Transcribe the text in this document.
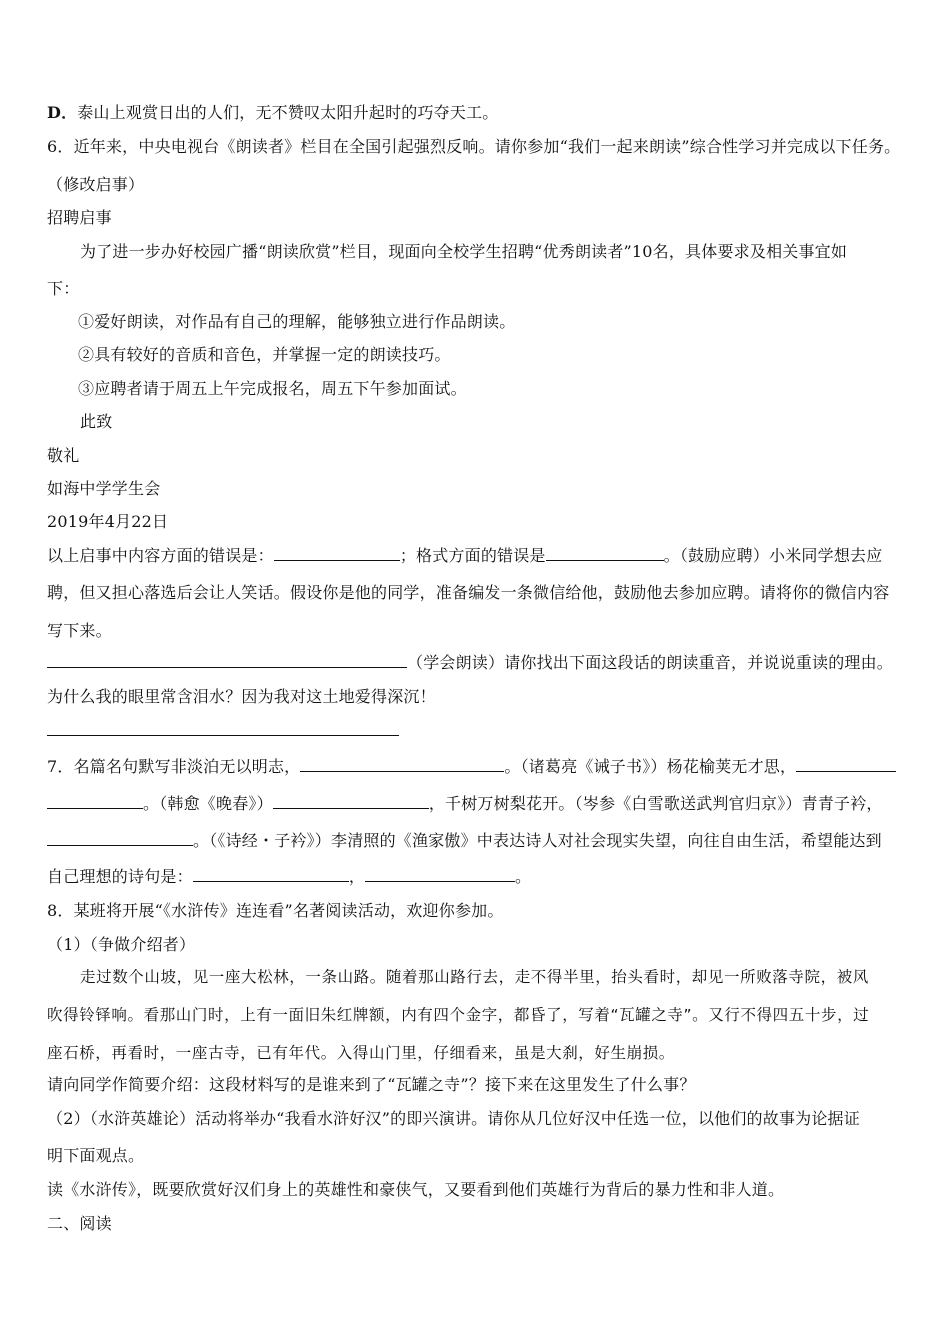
D．泰山上观赏日出的人们，无不赞叹太阳升起时的巧夺天工。
6．近年来，中央电视台《朗读者》栏目在全国引起强烈反响。请你参加“我们一起来朗读”综合性学习并完成以下任务。
（修改启事）
招聘启事
为了进一步办好校园广播“朗读欣赏”栏目，现面向全校学生招聘“优秀朗读者”10名，具体要求及相关事宜如
下：
①爱好朗读，对作品有自己的理解，能够独立进行作品朗读。
②具有较好的音质和音色，并掌握一定的朗读技巧。
③应聘者请于周五上午完成报名，周五下午参加面试。
此致
敬礼
如海中学学生会
2019年4月22日
以上启事中内容方面的错误是：	；格式方面的错误是	。（鼓励应聘）小米同学想去应
聘，但又担心落选后会让人笑话。假设你是他的同学，准备编发一条微信给他，鼓励他去参加应聘。请将你的微信内容
写下来。
（学会朗读）请你找出下面这段话的朗读重音，并说说重读的理由。
为什么我的眼里常含泪水？因为我对这土地爱得深沉！
7．名篇名句默写非淡泊无以明志，	。（诸葛亮《诫子书》）杨花榆荚无才思，
。（韩愈《晚春》）	，千树万树梨花开。（岑参《白雪歌送武判官归京》）青青子衿，
。（《诗经・子衿》）李清照的《渔家傲》中表达诗人对社会现实失望，向往自由生活，希望能达到
自己理想的诗句是：	，	。
8．某班将开展“《水浒传》连连看”名著阅读活动，欢迎你参加。
（1）（争做介绍者）
走过数个山坡，见一座大松林，一条山路。随着那山路行去，走不得半里，抬头看时，却见一所败落寺院，被风
吹得铃铎响。看那山门时，上有一面旧朱红牌额，内有四个金字，都昏了，写着“瓦罐之寺”。又行不得四五十步，过
座石桥，再看时，一座古寺，已有年代。入得山门里，仔细看来，虽是大刹，好生崩损。
请向同学作简要介绍：这段材料写的是谁来到了“瓦罐之寺”？接下来在这里发生了什么事？
（2）（水浒英雄论）活动将举办“我看水浒好汉”的即兴演讲。请你从几位好汉中任选一位，以他们的故事为论据证
明下面观点。
读《水浒传》，既要欣赏好汉们身上的英雄性和豪侠气，又要看到他们英雄行为背后的暴力性和非人道。
二、阅读
